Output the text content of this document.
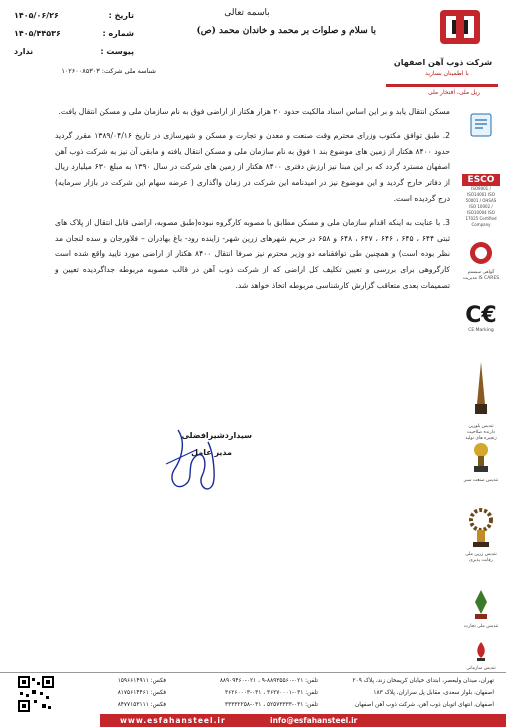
شرکت ذوب آهن اصفهان
با اطمینان بسازید
ریل ملی، افتخار ملی
باسمه تعالی
با سلام و صلوات بر محمد و خاندان محمد (ص)
تاریخ :
۱۴۰۵/۰۶/۲۶
شماره :
۱۴۰۵/۴۴۵۳۶
پیوست :
ندارد
شناسه ملی شرکت: ۱۰۲۶۰۰۸۵۳۰۳

مسکن انتقال یابد و بر این اساس اسناد مالکیت حدود ۲۰ هزار هکتار از اراضی فوق به نام سازمان ملی و مسکن انتقال یافت.

2. طبق توافق مکتوب وزرای محترم وقت صنعت و معدن و تجارت و مسکن و شهرسازی در تاریخ ۱۳۸۹/۰۴/۱۶ مقرر گردید حدود ۸۴۰۰ هکتار از زمین های موضوع بند ۱ فوق به نام سازمان ملی و مسکن انتقال یافته و مابقی آن نیز به شرکت ذوب آهن اصفهان مسترد گردد که بر این مبنا نیز ارزش دفتری ۸۴۰۰ هکتار از زمین های شرکت در سال ۱۳۹۰ به مبلغ ۶۳۰ میلیارد ریال از دفاتر خارج گردید و این موضوع نیز در امیدنامه این شرکت در زمان واگذاری ( عرضه سهام این شرکت در بازار سرمایه) درج گردیده است.

3. با عنایت به اینکه اقدام سازمان ملی و مسکن مطابق با مصوبه کارگروه نبوده(طبق مصوبه، اراضی قابل انتقال از پلاک های ثبتی ۶۴۴ ، ۶۴۵ ، ۶۴۶ ، ۶۴۷ ، ۶۴۸ و ۶۵۸ در حریم شهرهای زرین شهر- زاینده رود- باغ بهادران – فلاورجان و سده لنجان مد نظر بوده است) و همچنین طی توافقنامه دو وزیر محترم نیز صرفا انتقال ۸۴۰۰ هکتار از اراضی مورد تایید واقع شده است کارگروهی برای بررسی و تعیین تکلیف کل اراضی که از شرکت ذوب آهن در قالب مصوبه مربوطه جداگردیده تعیین و تصمیمات بعدی متعاقب گزارش کارشناسی مربوطه اتخاذ خواهد شد.

سیداردشیرافضلی
مدیر عامل
ESCO
ISO9001 / ISO14001 ISO 50001 / OHSAS ISO 10002 / ISO10004 ISO 17025 Certified Company
گواهی سیستم مدیریت IS CARES
C€
CE Marking
تندیس بلورین دارنده صلاحیت زنجیره های تولید
تندیس صنعت سبز
تندیس زرین ملی رقابت پذیری
تندیس ملی تجارت
تندیس سازمانی
تهران، میدان ولیعصر، ابتدای خیابان کریمخان زند، پلاک ۲۰۹
اصفهان، بلوار سعدی، مقابل پل سراران، پلاک ۱۸۳
اصفهان، انتهای اتوبان ذوب آهن، شرکت ذوب آهن اصفهان
تلفن: ۰۲۱-۸۸۹۳۵۵۶۰-۹ ، ۰۲۱-۸۸۹۰۹۴۶۰
تلفن: ۰۳۱-۳۶۲۷۰۰۰۱ ، ۰۳۱-۳۶۲۶۰۰۰۳
تلفن: ۰۳۱-۵۲۵۷۳۳۳۳ ، ۰۳۱-۳۳۳۳۲۲۵۸
فکس: ۱۵۹۶۶۱۴۹۱۱
فکس: ۸۱۷۵۶۱۴۴۶۱
فکس: ۸۴۷۷۱۵۳۱۱۱
www.esfahansteel.ir	info@esfahansteel.ir
